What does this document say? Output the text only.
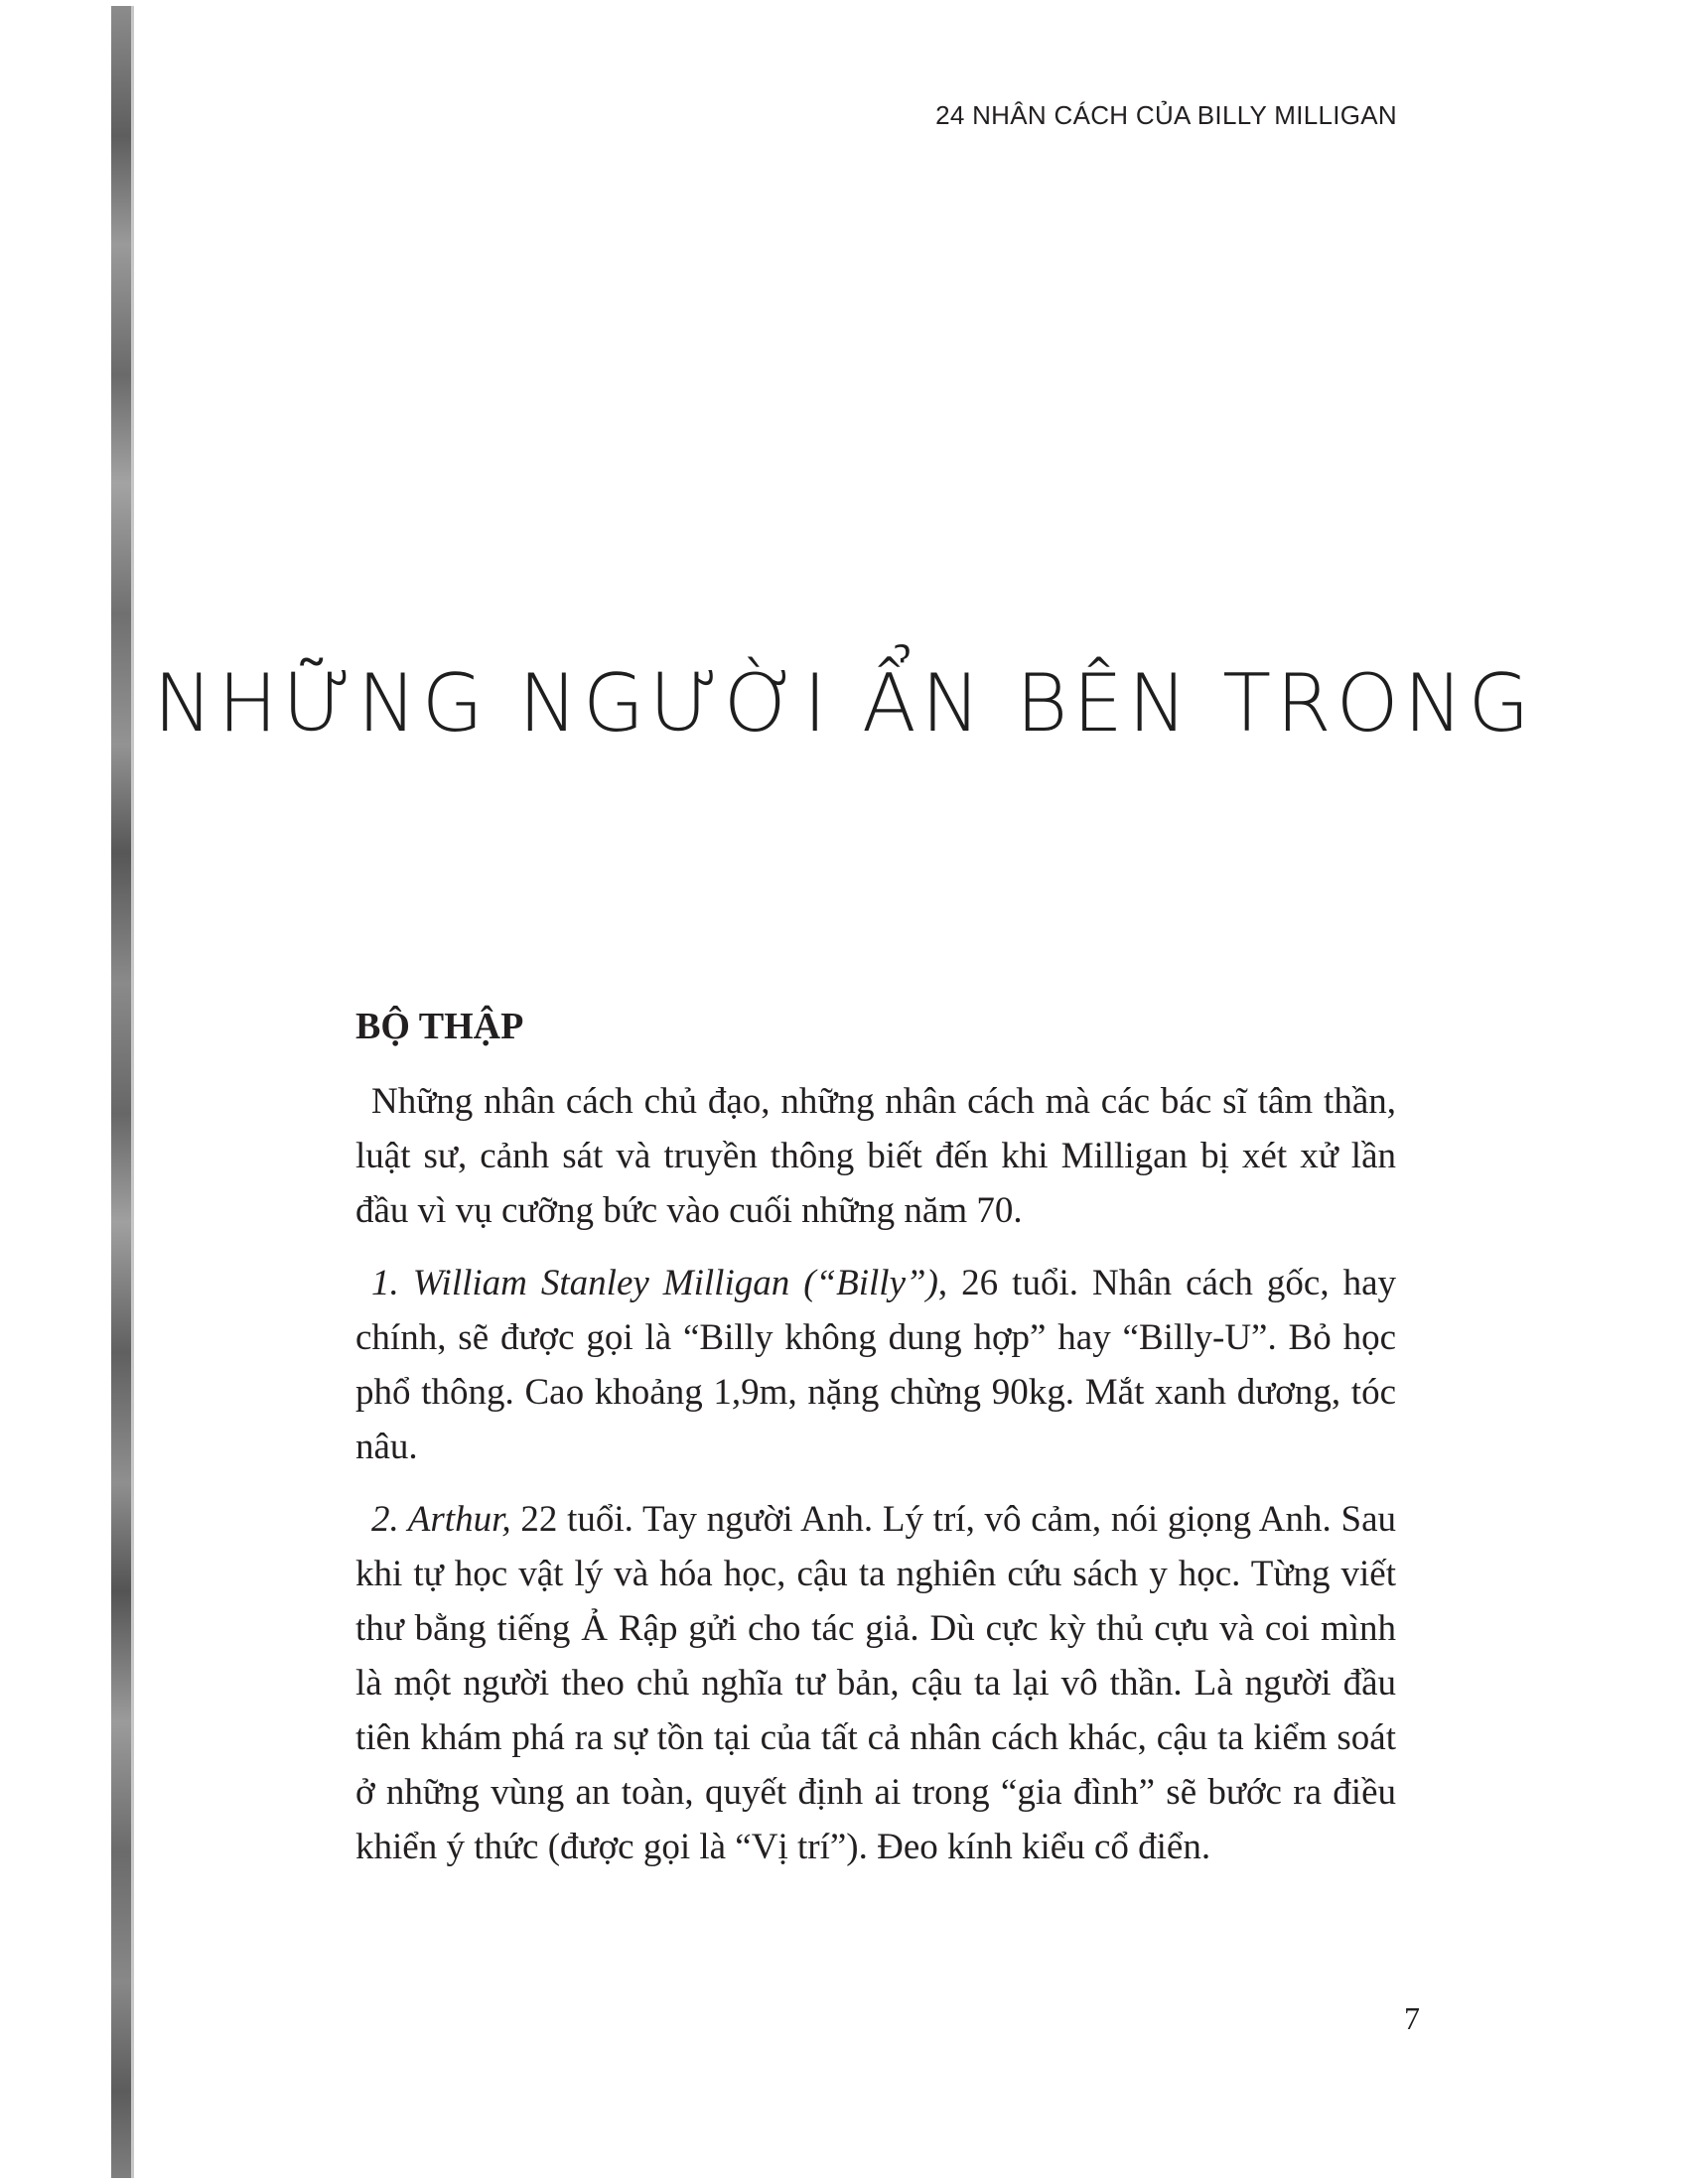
24 NHÂN CÁCH CỦA BILLY MILLIGAN
NHỮNG NGƯỜI ẨN BÊN TRONG
BỘ THẬP

Những nhân cách chủ đạo, những nhân cách mà các bác sĩ tâm thần, luật sư, cảnh sát và truyền thông biết đến khi Milligan bị xét xử lần đầu vì vụ cưỡng bức vào cuối những năm 70.

1. William Stanley Milligan (“Billy”), 26 tuổi. Nhân cách gốc, hay chính, sẽ được gọi là “Billy không dung hợp” hay “Billy-U”. Bỏ học phổ thông. Cao khoảng 1,9m, nặng chừng 90kg. Mắt xanh dương, tóc nâu.

2. Arthur, 22 tuổi. Tay người Anh. Lý trí, vô cảm, nói giọng Anh. Sau khi tự học vật lý và hóa học, cậu ta nghiên cứu sách y học. Từng viết thư bằng tiếng Ả Rập gửi cho tác giả. Dù cực kỳ thủ cựu và coi mình là một người theo chủ nghĩa tư bản, cậu ta lại vô thần. Là người đầu tiên khám phá ra sự tồn tại của tất cả nhân cách khác, cậu ta kiểm soát ở những vùng an toàn, quyết định ai trong “gia đình” sẽ bước ra điều khiển ý thức (được gọi là “Vị trí”). Đeo kính kiểu cổ điển.

7
